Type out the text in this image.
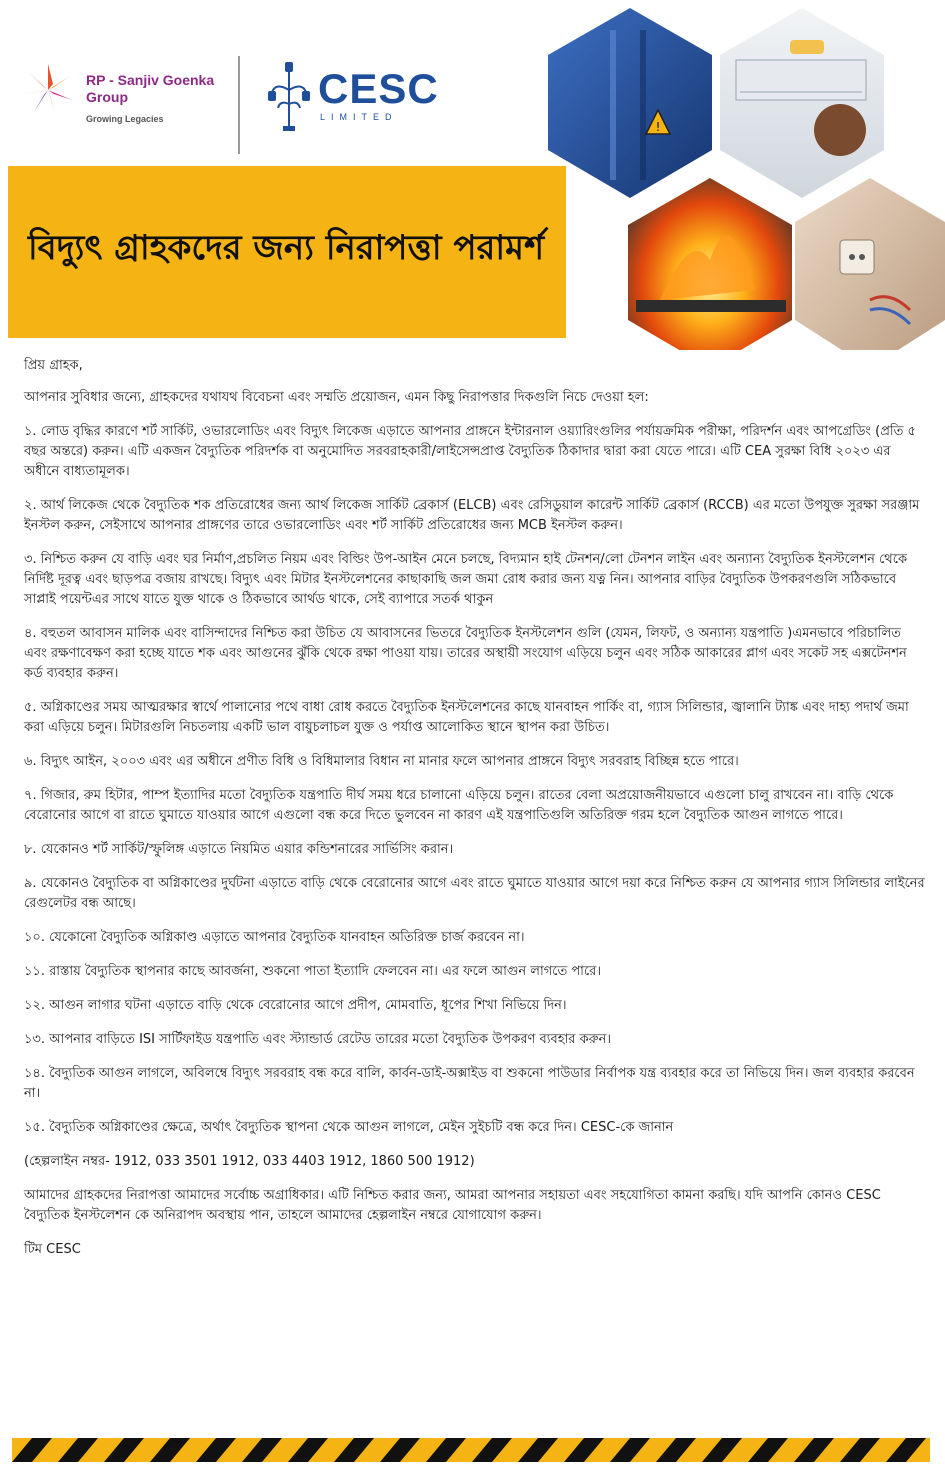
RP - Sanjiv Goenka Group
Growing Legacies
CESC
LIMITED
!
বিদ্যুৎ গ্রাহকদের জন্য নিরাপত্তা পরামর্শ

প্রিয় গ্রাহক,

আপনার সুবিধার জন্যে, গ্রাহকদের যথাযথ বিবেচনা এবং সম্মতি প্রয়োজন, এমন কিছু নিরাপত্তার দিকগুলি নিচে দেওয়া হল:

১. লোড বৃদ্ধির কারণে শর্ট সার্কিট, ওভারলোডিং এবং বিদ্যুৎ লিকেজ এড়াতে আপনার প্রাঙ্গনে ইন্টারনাল ওয়্যারিংগুলির পর্যায়ক্রমিক পরীক্ষা, পরিদর্শন এবং আপগ্রেডিং (প্রতি ৫ বছর অন্তরে) করুন। এটি একজন বৈদ্যুতিক পরিদর্শক বা অনুমোদিত সরবরাহকারী/লাইসেন্সপ্রাপ্ত বৈদ্যুতিক ঠিকাদার দ্বারা করা যেতে পারে। এটি CEA সুরক্ষা বিধি ২০২৩ এর অধীনে বাধ্যতামূলক।

২. আর্থ লিকেজ থেকে বৈদ্যুতিক শক প্রতিরোধের জন্য আর্থ লিকেজ সার্কিট ব্রেকার্স (ELCB) এবং রেসিডুয়াল কারেন্ট সার্কিট ব্রেকার্স (RCCB) এর মতো উপযুক্ত সুরক্ষা সরঞ্জাম ইনস্টল করুন, সেইসাথে আপনার প্রাঙ্গণের তারে ওভারলোডিং এবং শর্ট সার্কিট প্রতিরোধের জন্য MCB ইনস্টল করুন।

৩. নিশ্চিত করুন যে বাড়ি এবং ঘর নির্মাণ,প্রচলিত নিয়ম এবং বিল্ডিং উপ-আইন মেনে চলছে, বিদ্যমান হাই টেনশন/লো টেনশন লাইন এবং অন্যান্য বৈদ্যুতিক ইনস্টলেশন থেকে নির্দিষ্ট দূরত্ব এবং ছাড়পত্র বজায় রাখছে। বিদ্যুৎ এবং মিটার ইনস্টলেশনের কাছাকাছি জল জমা রোধ করার জন্য যত্ন নিন। আপনার বাড়ির বৈদ্যুতিক উপকরণগুলি সঠিকভাবে সাপ্লাই পয়েন্টএর সাথে যাতে যুক্ত থাকে ও ঠিকভাবে আর্থড থাকে, সেই ব্যাপারে সতর্ক থাকুন

৪. বহুতল আবাসন মালিক এবং বাসিন্দাদের নিশ্চিত করা উচিত যে আবাসনের ভিতরে বৈদ্যুতিক ইনস্টলেশন গুলি (যেমন, লিফট, ও অন্যান্য যন্ত্রপাতি )এমনভাবে পরিচালিত এবং রক্ষণাবেক্ষণ করা হচ্ছে যাতে শক এবং আগুনের ঝুঁকি থেকে রক্ষা পাওয়া যায়। তারের অস্থায়ী সংযোগ এড়িয়ে চলুন এবং সঠিক আকারের প্লাগ এবং সকেট সহ এক্সটেনশন কর্ড ব্যবহার করুন।

৫. অগ্নিকাণ্ডের সময় আত্মরক্ষার স্বার্থে পালানোর পথে বাধা রোধ করতে বৈদ্যুতিক ইনস্টলেশনের কাছে যানবাহন পার্কিং বা, গ্যাস সিলিন্ডার, জ্বালানি ট্যাঙ্ক এবং দাহ্য পদার্থ জমা করা এড়িয়ে চলুন। মিটারগুলি নিচতলায় একটি ভাল বায়ুচলাচল যুক্ত ও পর্যাপ্ত আলোকিত স্থানে স্থাপন করা উচিত।

৬. বিদ্যুৎ আইন, ২০০৩ এবং এর অধীনে প্রণীত বিধি ও বিধিমালার বিধান না মানার ফলে আপনার প্রাঙ্গনে বিদ্যুৎ সরবরাহ বিচ্ছিন্ন হতে পারে।

৭. গিজার, রুম হিটার, পাম্প ইত্যাদির মতো বৈদ্যুতিক যন্ত্রপাতি দীর্ঘ সময় ধরে চালানো এড়িয়ে চলুন। রাতের বেলা অপ্রয়োজনীয়ভাবে এগুলো চালু রাখবেন না। বাড়ি থেকে বেরোনোর আগে বা রাতে ঘুমাতে যাওয়ার আগে এগুলো বন্ধ করে দিতে ভুলবেন না কারণ এই যন্ত্রপাতিগুলি অতিরিক্ত গরম হলে বৈদ্যুতিক আগুন লাগতে পারে।

৮. যেকোনও শর্ট সার্কিট/স্ফুলিঙ্গ এড়াতে নিয়মিত এয়ার কন্ডিশনারের সার্ভিসিং করান।

৯. যেকোনও বৈদ্যুতিক বা অগ্নিকাণ্ডের দুর্ঘটনা এড়াতে বাড়ি থেকে বেরোনোর আগে এবং রাতে ঘুমাতে যাওয়ার আগে দয়া করে নিশ্চিত করুন যে আপনার গ্যাস সিলিন্ডার লাইনের রেগুলেটর বন্ধ আছে।

১০. যেকোনো বৈদ্যুতিক অগ্নিকাণ্ড এড়াতে আপনার বৈদ্যুতিক যানবাহন অতিরিক্ত চার্জ করবেন না।

১১. রাস্তায় বৈদ্যুতিক স্থাপনার কাছে আবর্জনা, শুকনো পাতা ইত্যাদি ফেলবেন না। এর ফলে আগুন লাগতে পারে।

১২. আগুন লাগার ঘটনা এড়াতে বাড়ি থেকে বেরোনোর আগে প্রদীপ, মোমবাতি, ধূপের শিখা নিভিয়ে দিন।

১৩. আপনার বাড়িতে ISI সার্টিফাইড যন্ত্রপাতি এবং স্ট্যান্ডার্ড রেটেড তারের মতো বৈদ্যুতিক উপকরণ ব্যবহার করুন।

১৪. বৈদ্যুতিক আগুন লাগলে, অবিলম্বে বিদ্যুৎ সরবরাহ বন্ধ করে বালি, কার্বন-ডাই-অক্সাইড বা শুকনো পাউডার নির্বাপক যন্ত্র ব্যবহার করে তা নিভিয়ে দিন। জল ব্যবহার করবেন না।

১৫. বৈদ্যুতিক অগ্নিকাণ্ডের ক্ষেত্রে, অর্থাৎ বৈদ্যুতিক স্থাপনা থেকে আগুন লাগলে, মেইন সুইচটি বন্ধ করে দিন। CESC-কে জানান

(হেল্পলাইন নম্বর- 1912, 033 3501 1912, 033 4403 1912, 1860 500 1912)

আমাদের গ্রাহকদের নিরাপত্তা আমাদের সর্বোচ্চ অগ্রাধিকার। এটি নিশ্চিত করার জন্য, আমরা আপনার সহায়তা এবং সহযোগিতা কামনা করছি। যদি আপনি কোনও CESC বৈদ্যুতিক ইনস্টলেশন কে অনিরাপদ অবস্থায় পান, তাহলে আমাদের হেল্পলাইন নম্বরে যোগাযোগ করুন।

টিম CESC
